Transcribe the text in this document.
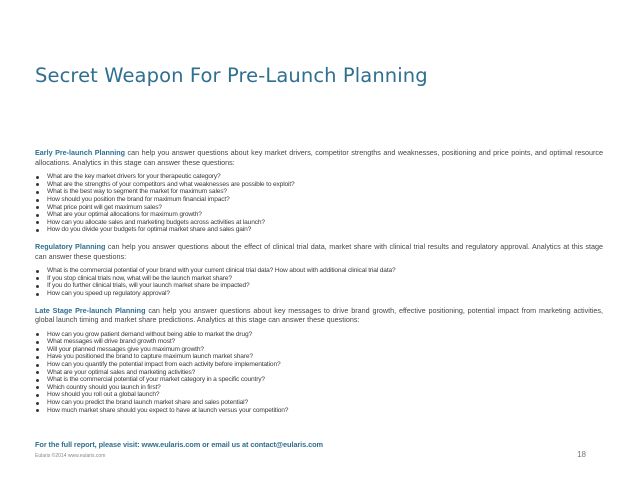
Secret Weapon For Pre-Launch Planning

Early Pre-launch Planning can help you answer questions about key market drivers, competitor strengths and weaknesses, positioning and price points, and optimal resource allocations. Analytics in this stage can answer these questions:

What are the key market drivers for your therapeutic category?
What are the strengths of your competitors and what weaknesses are possible to exploit?
What is the best way to segment the market for maximum sales?
How should you position the brand for maximum financial impact?
What price point will get maximum sales?
What are your optimal allocations for maximum growth?
How can you allocate sales and marketing budgets across activities at launch?
How do you divide your budgets for optimal market share and sales gain?

Regulatory Planning can help you answer questions about the effect of clinical trial data, market share with clinical trial results and regulatory approval. Analytics at this stage can answer these questions:

What is the commercial potential of your brand with your current clinical trial data? How about with additional clinical trial data?
If you stop clinical trials now, what will be the launch market share?
If you do further clinical trials, will your launch market share be impacted?
How can you speed up regulatory approval?

Late Stage Pre-launch Planning can help you answer questions about key messages to drive brand growth, effective positioning, potential impact from marketing activities, global launch timing and market share predictions. Analytics at this stage can answer these questions:

How can you grow patient demand without being able to market the drug?
What messages will drive brand growth most?
Will your planned messages give you maximum growth?
Have you positioned the brand to capture maximum launch market share?
How can you quantify the potential impact from each activity before implementation?
What are your optimal sales and marketing activities?
What is the commercial potential of your market category in a specific country?
Which country should you launch in first?
How should you roll out a global launch?
How can you predict the brand launch market share and sales potential?
How much market share should you expect to have at launch versus your competition?
For the full report, please visit: www.eularis.com or email us at contact@eularis.com
Eularis ©2014 www.eularis.com	18
